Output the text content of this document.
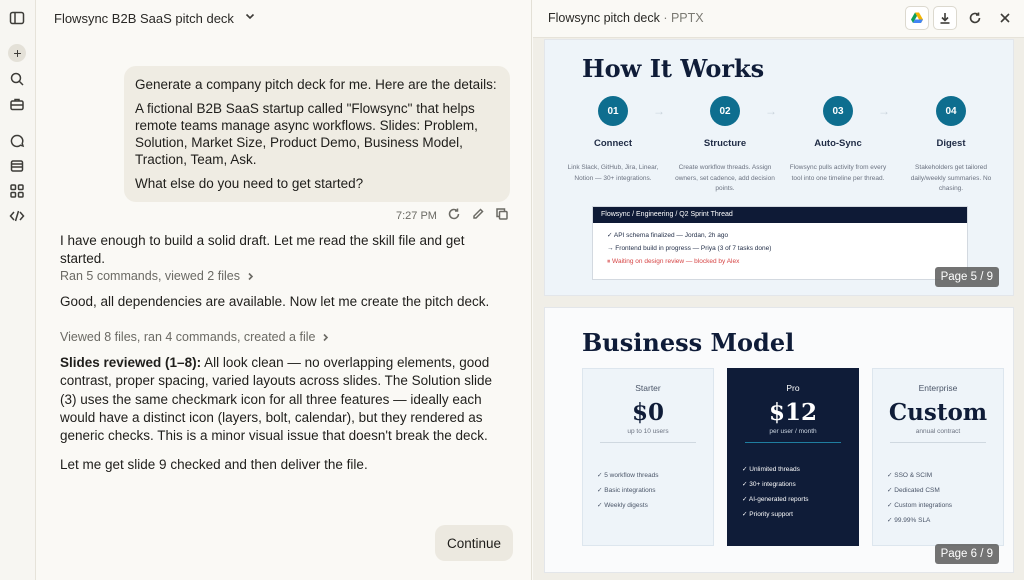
Flowsync B2B SaaS pitch deck

Generate a company pitch deck for me. Here are the details:

A fictional B2B SaaS startup called "Flowsync" that helps remote teams manage async workflows. Slides: Problem, Solution, Market Size, Product Demo, Business Model, Traction, Team, Ask.

What else do you need to get started?

7:27 PM
I have enough to build a solid draft. Let me read the skill file and get started.
Ran 5 commands, viewed 2 files
Good, all dependencies are available. Now let me create the pitch deck.
Viewed 8 files, ran 4 commands, created a file
Slides reviewed (1–8): All look clean — no overlapping elements, good contrast, proper spacing, varied layouts across slides. The Solution slide (3) uses the same checkmark icon for all three features — ideally each would have a distinct icon (layers, bolt, calendar), but they rendered as generic checks. This is a minor visual issue that doesn't break the deck.
Let me get slide 9 checked and then deliver the file.
Continue
Flowsync pitch deck · PPTX
How It Works
01
Connect
Link Slack, GitHub, Jira, Linear, Notion — 30+ integrations.
→	02
Structure
Create workflow threads. Assign owners, set cadence, add decision points.
→	03
Auto-Sync
Flowsync pulls activity from every tool into one timeline per thread.
→	04
Digest
Stakeholders get tailored daily/weekly summaries. No chasing.
Flowsync / Engineering / Q2 Sprint Thread
✓ API schema finalized — Jordan, 2h ago
→ Frontend build in progress — Priya (3 of 7 tasks done)
⏸ Waiting on design review — blocked by Alex
Page 5 / 9
Business Model
Starter
$0
up to 10 users
✓ 5 workflow threads
✓ Basic integrations
✓ Weekly digests
Pro
$12
per user / month
✓ Unlimited threads
✓ 30+ integrations
✓ AI-generated reports
✓ Priority support
Enterprise
Custom
annual contract
✓ SSO & SCIM
✓ Dedicated CSM
✓ Custom integrations
✓ 99.99% SLA
Page 6 / 9
